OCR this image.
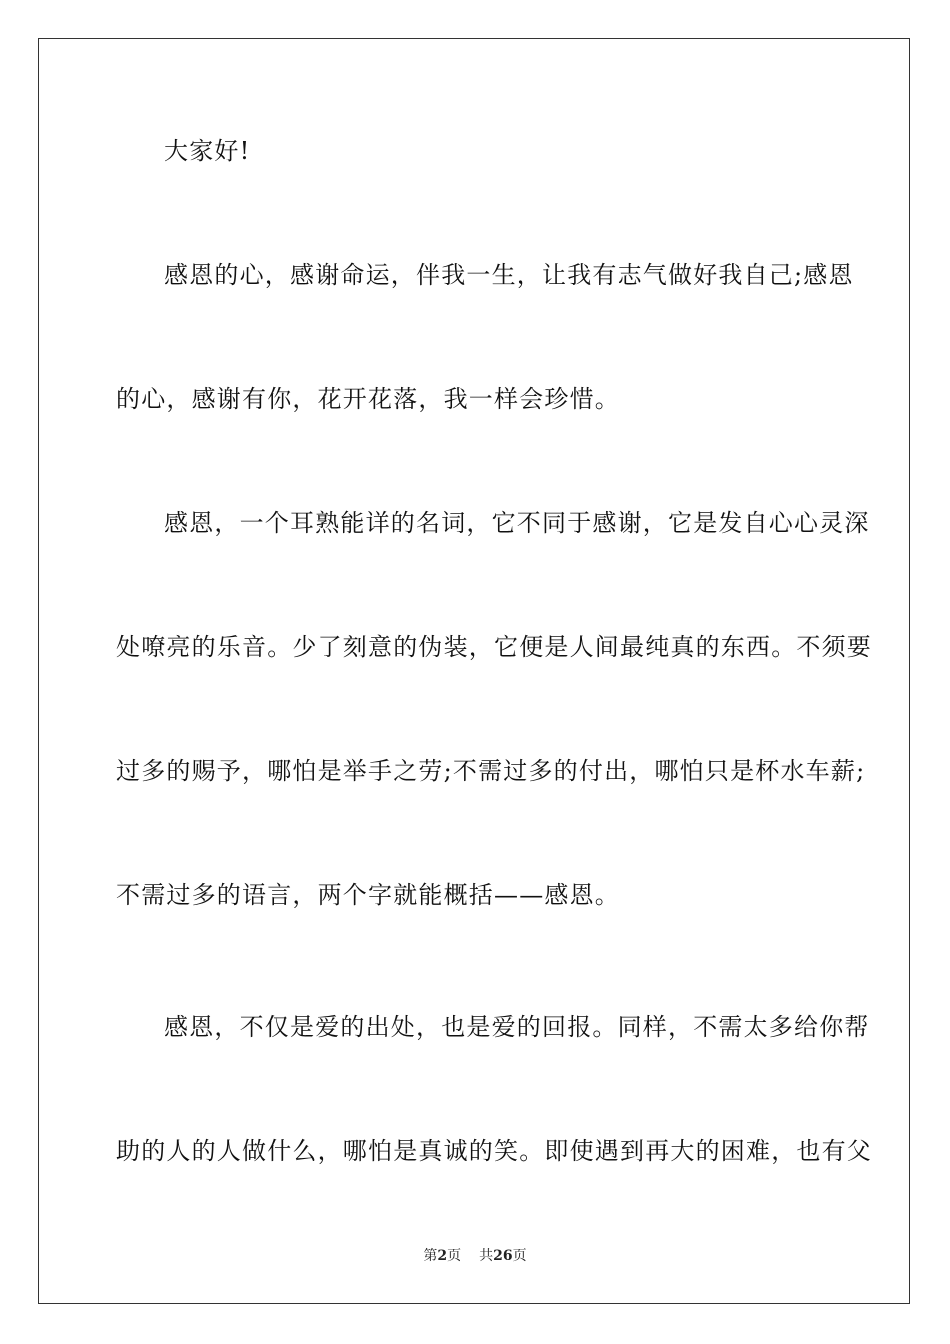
大家好!
感恩的心，感谢命运，伴我一生，让我有志气做好我自己;感恩
的心，感谢有你，花开花落，我一样会珍惜。
感恩，一个耳熟能详的名词，它不同于感谢，它是发自心心灵深
处嘹亮的乐音。少了刻意的伪装，它便是人间最纯真的东西。不须要
过多的赐予，哪怕是举手之劳;不需过多的付出，哪怕只是杯水车薪;
不需过多的语言，两个字就能概括——感恩。
感恩，不仅是爱的出处，也是爱的回报。同样，不需太多给你帮
助的人的人做什么，哪怕是真诚的笑。即使遇到再大的困难，也有父
第2页 共26页
